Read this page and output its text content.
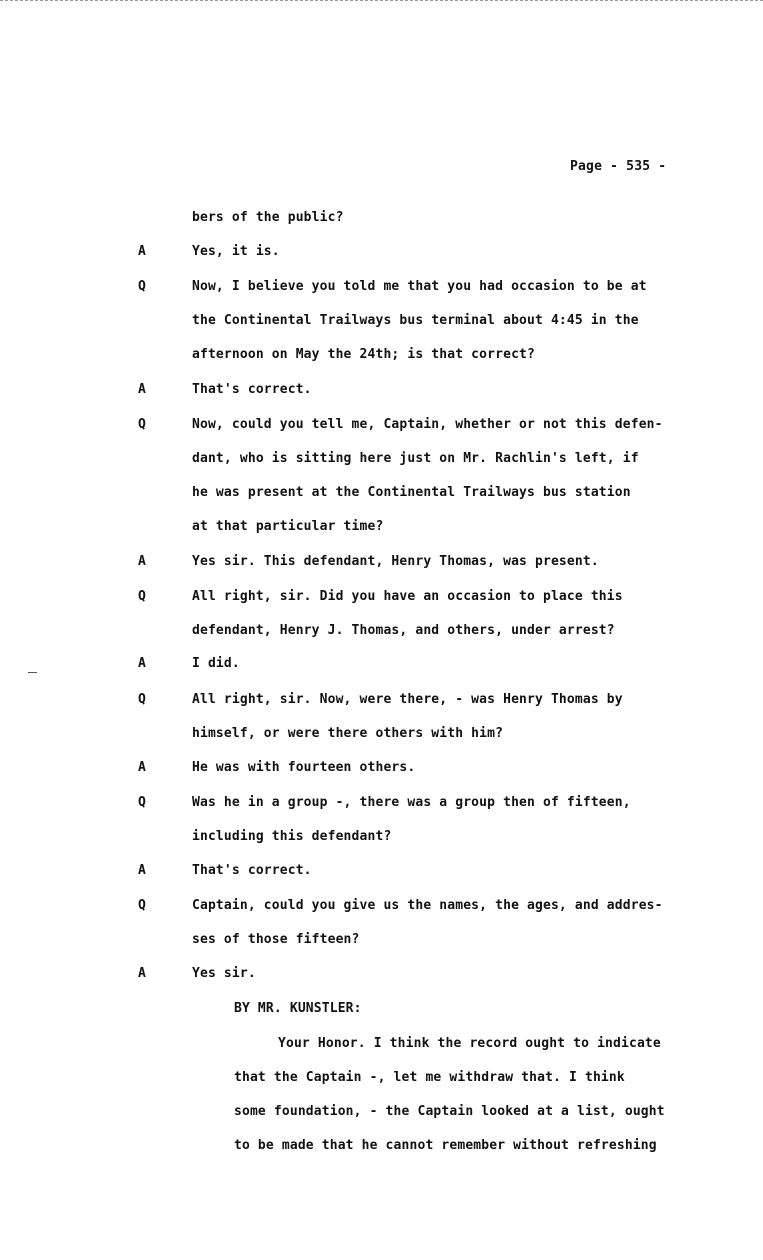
Page - 535 -
bers of the public?
A	Yes, it is.
Q	Now, I believe you told me that you had occasion to be at
the Continental Trailways bus terminal about 4:45 in the
afternoon on May the 24th; is that correct?
A	That's correct.
Q	Now, could you tell me, Captain, whether or not this defen-
dant, who is sitting here just on Mr. Rachlin's left, if
he was present at the Continental Trailways bus station
at that particular time?
A	Yes sir. This defendant, Henry Thomas, was present.
Q	All right, sir. Did you have an occasion to place this
defendant, Henry J. Thomas, and others, under arrest?
A	I did.
Q	All right, sir. Now, were there, - was Henry Thomas by
himself, or were there others with him?
A	He was with fourteen others.
Q	Was he in a group -, there was a group then of fifteen,
including this defendant?
A	That's correct.
Q	Captain, could you give us the names, the ages, and addres-
ses of those fifteen?
A	Yes sir.
BY MR. KUNSTLER:
Your Honor. I think the record ought to indicate
that the Captain -, let me withdraw that. I think
some foundation, - the Captain looked at a list, ought
to be made that he cannot remember without refreshing
